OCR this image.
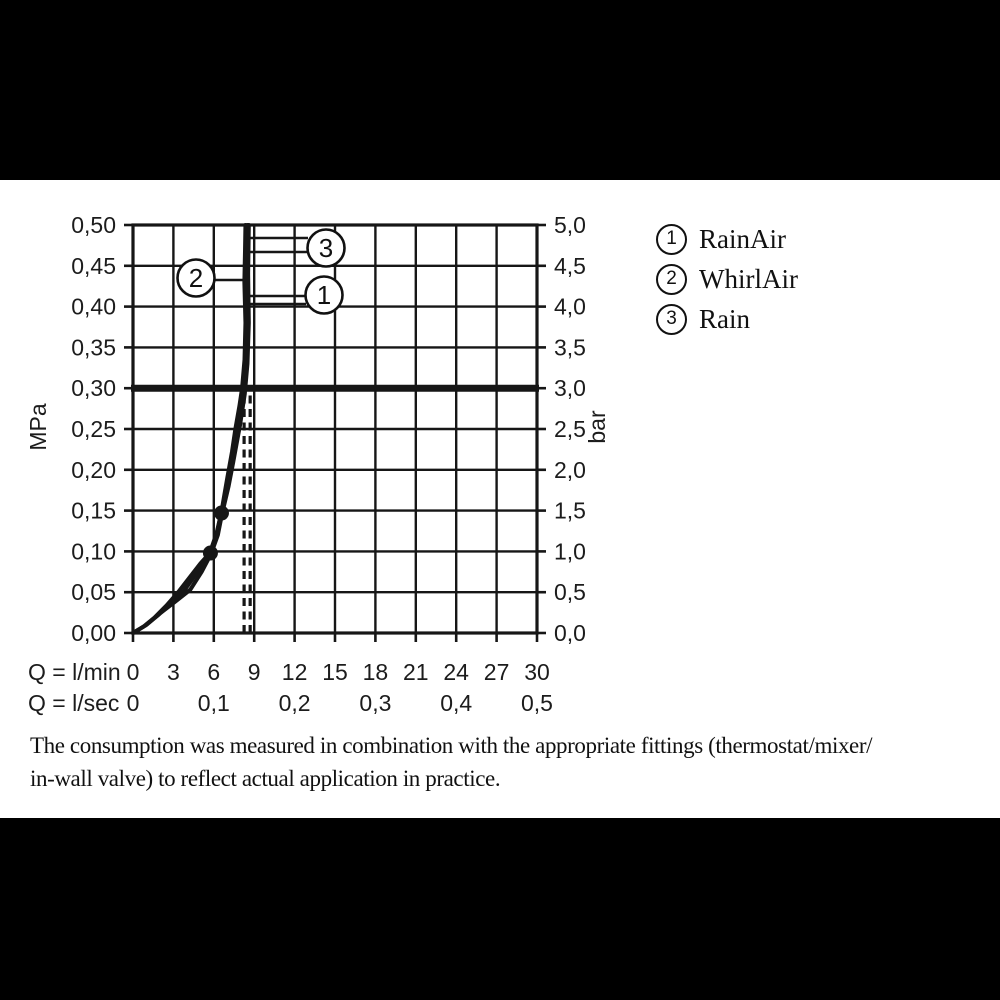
1
2
3
0,00
0,05
0,10
0,15
0,20
0,25
0,30
0,35
0,40
0,45
0,50
0,0
0,5
1,0
1,5
2,0
2,5
3,0
3,5
4,0
4,5
5,0
MPa	bar
Q = l/min
Q = l/sec
0 3 6 9 12 15 18 21 24 27 30
0	0,1 0,2 0,3 0,4 0,5
1 RainAir
2 WhirlAir
3 Rain
The consumption was measured in combination with the appropriate fittings (thermostat/mixer/
in-wall valve) to reflect actual application in practice.
